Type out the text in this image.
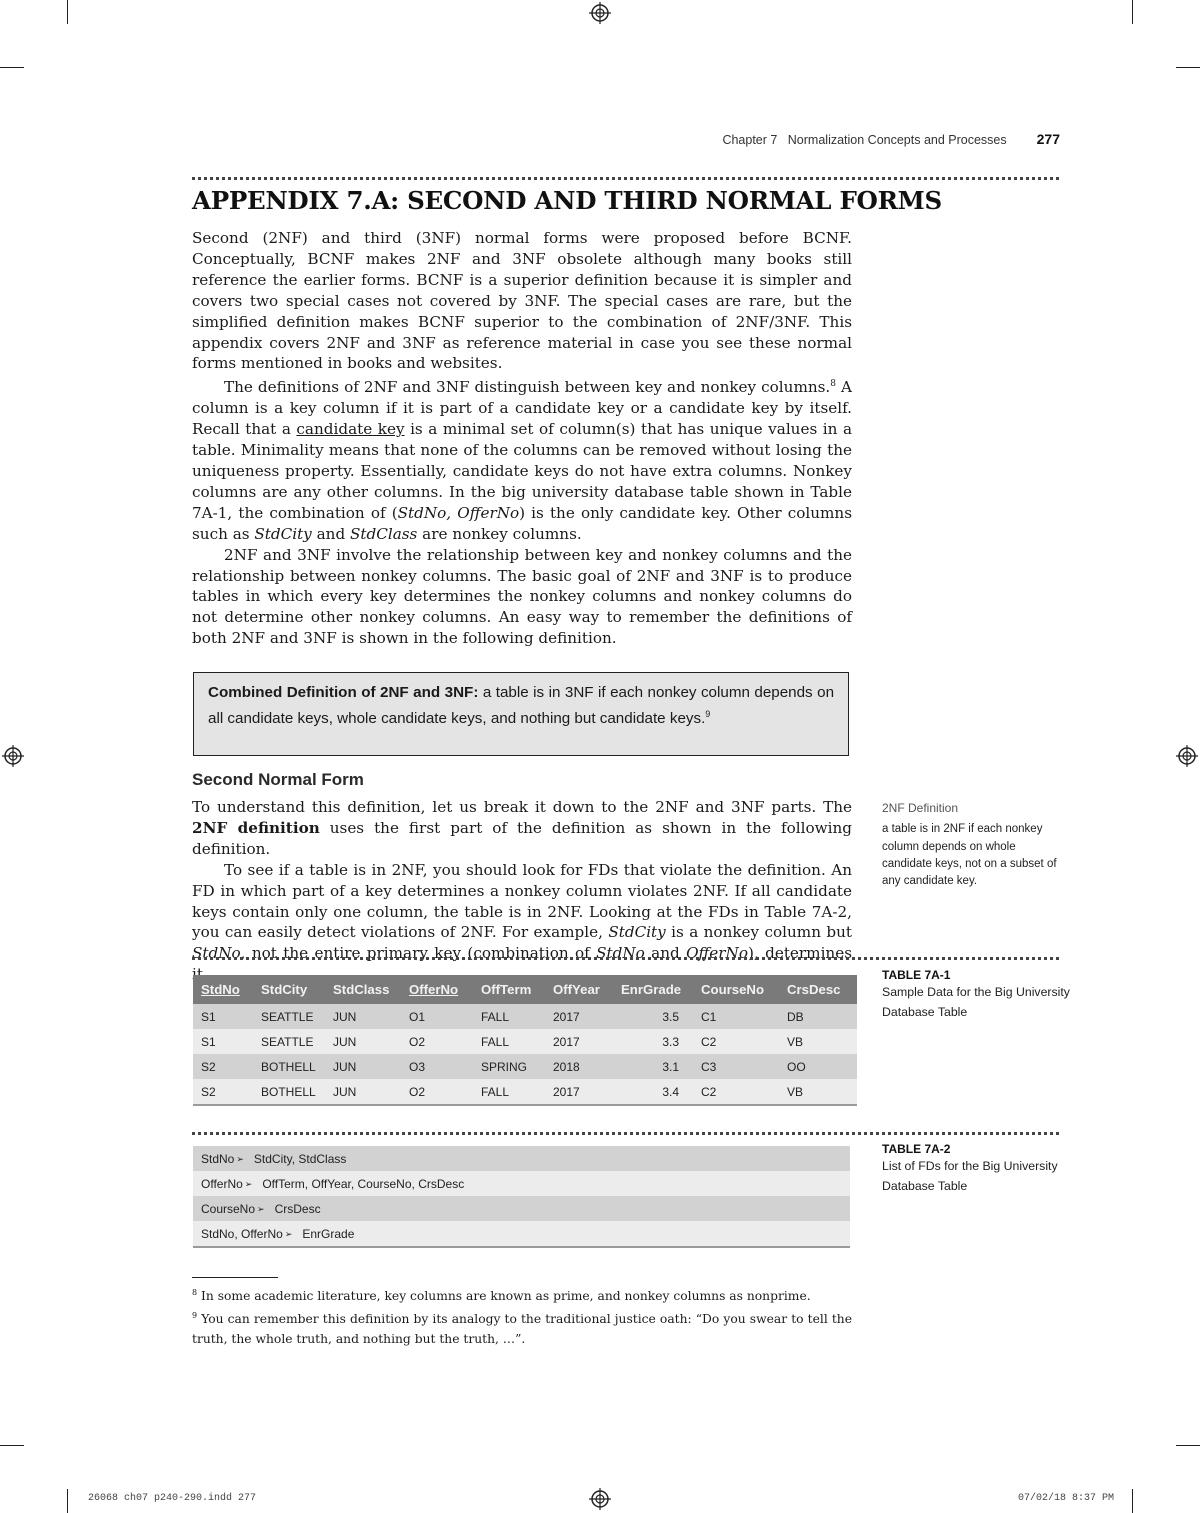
Chapter 7 Normalization Concepts and Processes 277
APPENDIX 7.A: SECOND AND THIRD NORMAL FORMS

Second (2NF) and third (3NF) normal forms were proposed before BCNF. Conceptually, BCNF makes 2NF and 3NF obsolete although many books still reference the earlier forms. BCNF is a superior definition because it is simpler and covers two special cases not covered by 3NF. The special cases are rare, but the simplified definition makes BCNF superior to the combination of 2NF/3NF. This appendix covers 2NF and 3NF as reference material in case you see these normal forms mentioned in books and websites.

The definitions of 2NF and 3NF distinguish between key and nonkey columns.$^8$ A column is a key column if it is part of a candidate key or a candidate key by itself. Recall that a candidate key is a minimal set of column(s) that has unique values in a table. Minimality means that none of the columns can be removed without losing the uniqueness property. Essentially, candidate keys do not have extra columns. Nonkey columns are any other columns. In the big university database table shown in Table 7A-1, the combination of (StdNo, OfferNo) is the only candidate key. Other columns such as StdCity and StdClass are nonkey columns.

2NF and 3NF involve the relationship between key and nonkey columns and the relationship between nonkey columns. The basic goal of 2NF and 3NF is to produce tables in which every key determines the nonkey columns and nonkey columns do not determine other nonkey columns. An easy way to remember the definitions of both 2NF and 3NF is shown in the following definition.

Combined Definition of 2NF and 3NF: a table is in 3NF if each nonkey column depends on all candidate keys, whole candidate keys, and nothing but candidate keys.$^9$
Second Normal Form

To understand this definition, let us break it down to the 2NF and 3NF parts. The 2NF definition uses the first part of the definition as shown in the following definition.

To see if a table is in 2NF, you should look for FDs that violate the definition. An FD in which part of a key determines a nonkey column violates 2NF. If all candidate keys contain only one column, the table is in 2NF. Looking at the FDs in Table 7A-2, you can easily detect violations of 2NF. For example, StdCity is a nonkey column but StdNo, not the entire primary key (combination of StdNo and OfferNo), determines

2NF Definition
a table is in 2NF if each nonkey column depends on whole candidate keys, not on a subset of any candidate key.
TABLE 7A-1
Sample Data for the Big University Database Table
StdNo	StdCity	StdClass	OfferNo	OffTerm	OffYear	EnrGrade	CourseNo	CrsDesc
S1	SEATTLE	JUN	O1	FALL	2017	3.5	C1	DB
S1	SEATTLE	JUN	O2	FALL	2017	3.3	C2	VB
S2	BOTHELL	JUN	O3	SPRING	2018	3.1	C3	OO
S2	BOTHELL	JUN	O2	FALL	2017	3.4	C2	VB
TABLE 7A-2
List of FDs for the Big University Database Table
StdNo ➢ StdCity, StdClass
OfferNo ➢ OffTerm, OffYear, CourseNo, CrsDesc
CourseNo ➢ CrsDesc
StdNo, OfferNo ➢ EnrGrade
$^8$ In some academic literature, key columns are known as prime, and nonkey columns as nonprime.
$^9$ You can remember this definition by its analogy to the traditional justice oath: “Do you swear to tell the truth, the whole truth, and nothing but the truth, …”.
26068 ch07 p240-290.indd 277	07/02/18 8:37 PM
